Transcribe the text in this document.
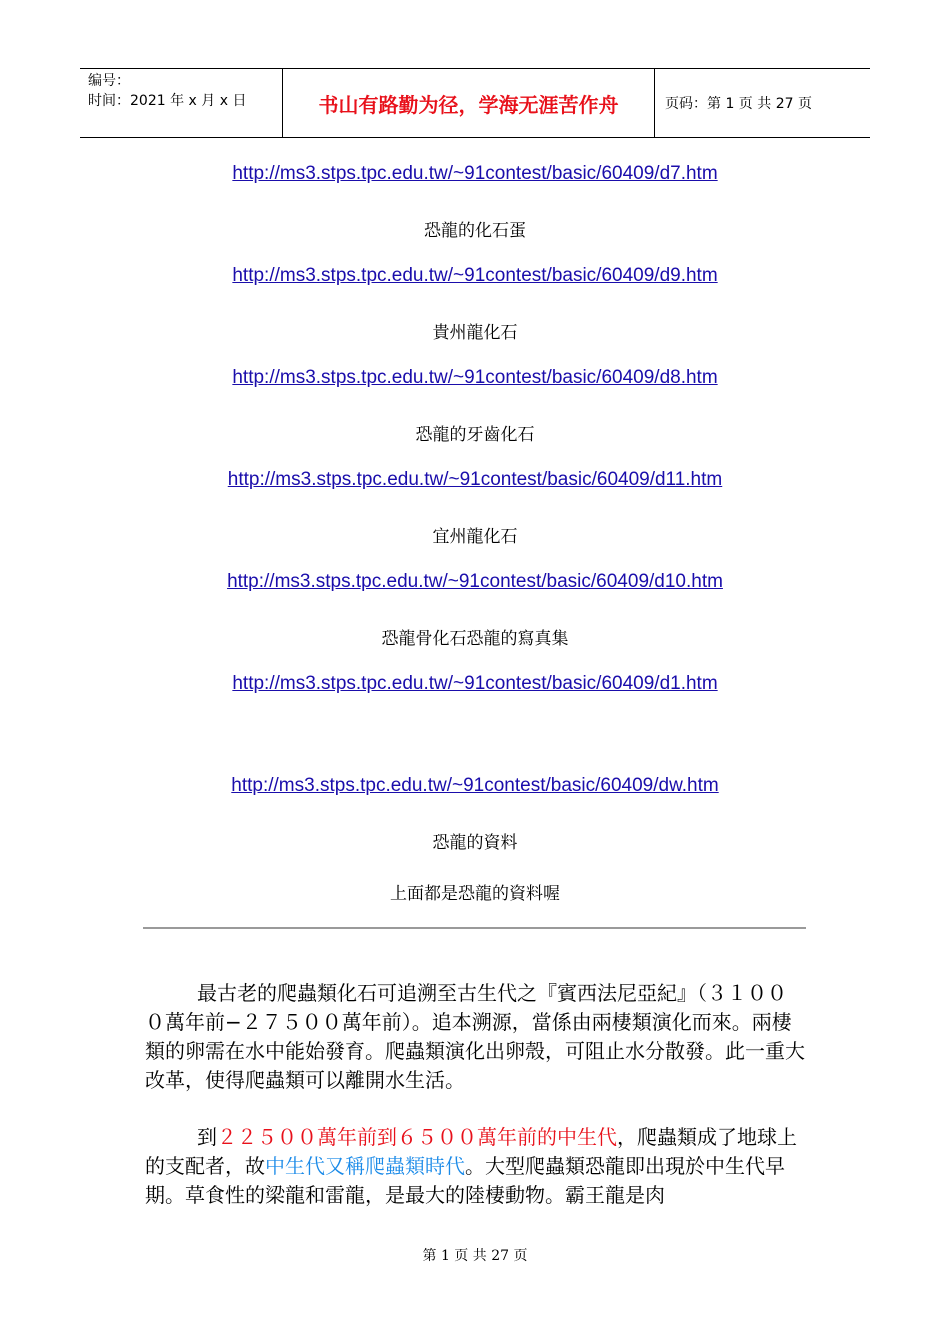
编号：
时间：2021 年 x 月 x 日	书山有路勤为径，学海无涯苦作舟	页码：第 1 页 共 27 页
http://ms3.stps.tpc.edu.tw/~91contest/basic/60409/d7.htm
恐龍的化石蛋
http://ms3.stps.tpc.edu.tw/~91contest/basic/60409/d9.htm
貴州龍化石
http://ms3.stps.tpc.edu.tw/~91contest/basic/60409/d8.htm
恐龍的牙齒化石
http://ms3.stps.tpc.edu.tw/~91contest/basic/60409/d11.htm
宜州龍化石
http://ms3.stps.tpc.edu.tw/~91contest/basic/60409/d10.htm
恐龍骨化石恐龍的寫真集
http://ms3.stps.tpc.edu.tw/~91contest/basic/60409/d1.htm
http://ms3.stps.tpc.edu.tw/~91contest/basic/60409/dw.htm
恐龍的資料
上面都是恐龍的資料喔
最古老的爬蟲類化石可追溯至古生代之『賓西法尼亞紀』（３１０００萬年前−２７５００萬年前）。追本溯源，當係由兩棲類演化而來。兩棲類的卵需在水中能始發育。爬蟲類演化出卵殼，可阻止水分散發。此一重大改革，使得爬蟲類可以離開水生活。
到２２５００萬年前到６５００萬年前的中生代，爬蟲類成了地球上的支配者，故中生代又稱爬蟲類時代。大型爬蟲類恐龍即出現於中生代早期。草食性的梁龍和雷龍，是最大的陸棲動物。霸王龍是肉
第 1 页 共 27 页
